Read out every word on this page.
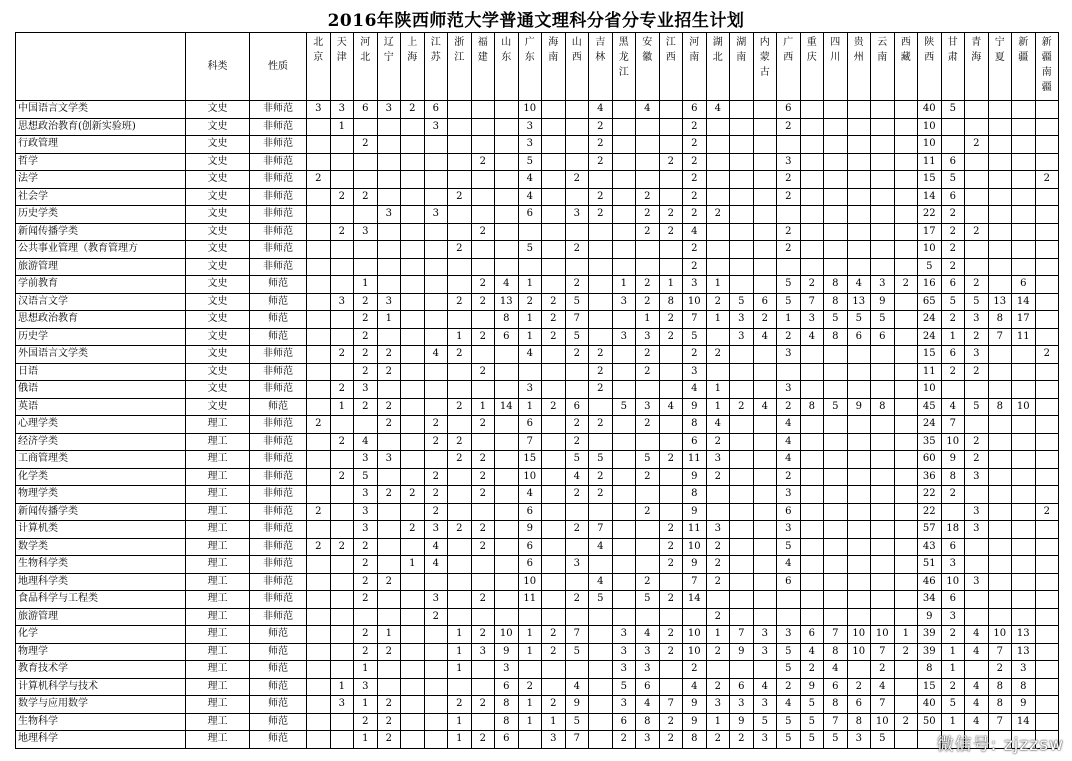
2016年陕西师范大学普通文理科分省分专业招生计划
	科类	性质	北京	天津	河北	辽宁	上海	江苏	浙江	福建	山东	广东	海南	山西	吉林	黑龙江	安徽	江西	河南	湖北	湖南	内蒙古	广西	重庆	四川	贵州	云南	西藏	陕西	甘肃	青海	宁夏	新疆	新疆南疆

中国语言文学类	文史	非师范	3	3	6	3	2	6				10			4		4		6	4			6						40	5				
思想政治教育(创新实验班)	文史	非师范		1				3				3			2				2				2						10					
行政管理	文史	非师范			2							3			2				2										10		2			
哲学	文史	非师范								2		5			2			2	2				3						11	6				
法学	文史	非师范	2									4		2					2				2						15	5				2
社会学	文史	非师范		2	2				2			4			2		2		2				2						14	6				
历史学类	文史	非师范				3		3				6		3	2		2	2	2	2									22	2				
新闻传播学类	文史	非师范		2	3					2							2	2	4				2						17	2	2			
公共事业管理（教育管理方	文史	非师范							2			5		2					2				2						10	2				
旅游管理	文史	非师范																	2										5	2				
学前教育	文史	师范			1					2	4	1		2		1	2	1	3	1			5	2	8	4	3	2	16	6	2		6	
汉语言文学	文史	师范		3	2	3			2	2	13	2	2	5		3	2	8	10	2	5	6	5	7	8	13	9		65	5	5	13	14	
思想政治教育	文史	师范			2	1					8	1	2	7			1	2	7	1	3	2	1	3	5	5	5		24	2	3	8	17	
历史学	文史	师范			2				1	2	6	1	2	5		3	3	2	5		3	4	2	4	8	6	6		24	1	2	7	11	
外国语言文学类	文史	非师范		2	2	2		4	2			4		2	2		2		2	2			3						15	6	3			2
日语	文史	非师范			2	2				2					2		2		3										11	2	2			
俄语	文史	非师范		2	3							3			2				4	1			3						10					
英语	文史	师范		1	2	2			2	1	14	1	2	6		5	3	4	9	1	2	4	2	8	5	9	8		45	4	5	8	10	
心理学类	理工	非师范	2			2		2		2		6		2	2		2		8	4			4						24	7				
经济学类	理工	非师范		2	4			2	2			7		2					6	2			4						35	10	2			
工商管理类	理工	非师范			3	3			2	2		15		5	5		5	2	11	3			4						60	9	2			
化学类	理工	非师范		2	5			2		2		10		4	2		2		9	2			2						36	8	3			
物理学类	理工	非师范			3	2	2	2		2		4		2	2				8				3						22	2				
新闻传播学类	理工	非师范	2		3			2				6					2		9				6						22		3			2
计算机类	理工	非师范			3		2	3	2	2		9		2	7			2	11	3			3						57	18	3			
数学类	理工	非师范	2	2	2			4		2		6			4			2	10	2			5						43	6				
生物科学类	理工	非师范			2		1	4				6		3				2	9	2			4						51	3				
地理科学类	理工	非师范			2	2						10			4		2		7	2			6						46	10	3			
食品科学与工程类	理工	非师范			2			3		2		11		2	5		5	2	14										34	6				
旅游管理	理工	非师范						2												2									9	3				
化学	理工	师范			2	1			1	2	10	1	2	7		3	4	2	10	1	7	3	3	6	7	10	10	1	39	2	4	10	13	
物理学	理工	师范			2	2			1	3	9	1	2	5		3	3	2	10	2	9	3	5	4	8	10	7	2	39	1	4	7	13	
教育技术学	理工	师范			1				1		3					3	3		2				5	2	4		2		8	1		2	3	
计算机科学与技术	理工	师范		1	3						6	2		4		5	6		4	2	6	4	2	9	6	2	4		15	2	4	8	8	
数学与应用数学	理工	师范		3	1	2			2	2	8	1	2	9		3	4	7	9	3	3	3	4	5	8	6	7		40	5	4	8	9	
生物科学	理工	师范			2	2			1		8	1	1	5		6	8	2	9	1	9	5	5	5	7	8	10	2	50	1	4	7	14	
地理科学	理工	师范			1	2			1	2	6		3	7		2	3	2	8	2	2	3	5	5	5	3	5								微信号: zjzzsw
